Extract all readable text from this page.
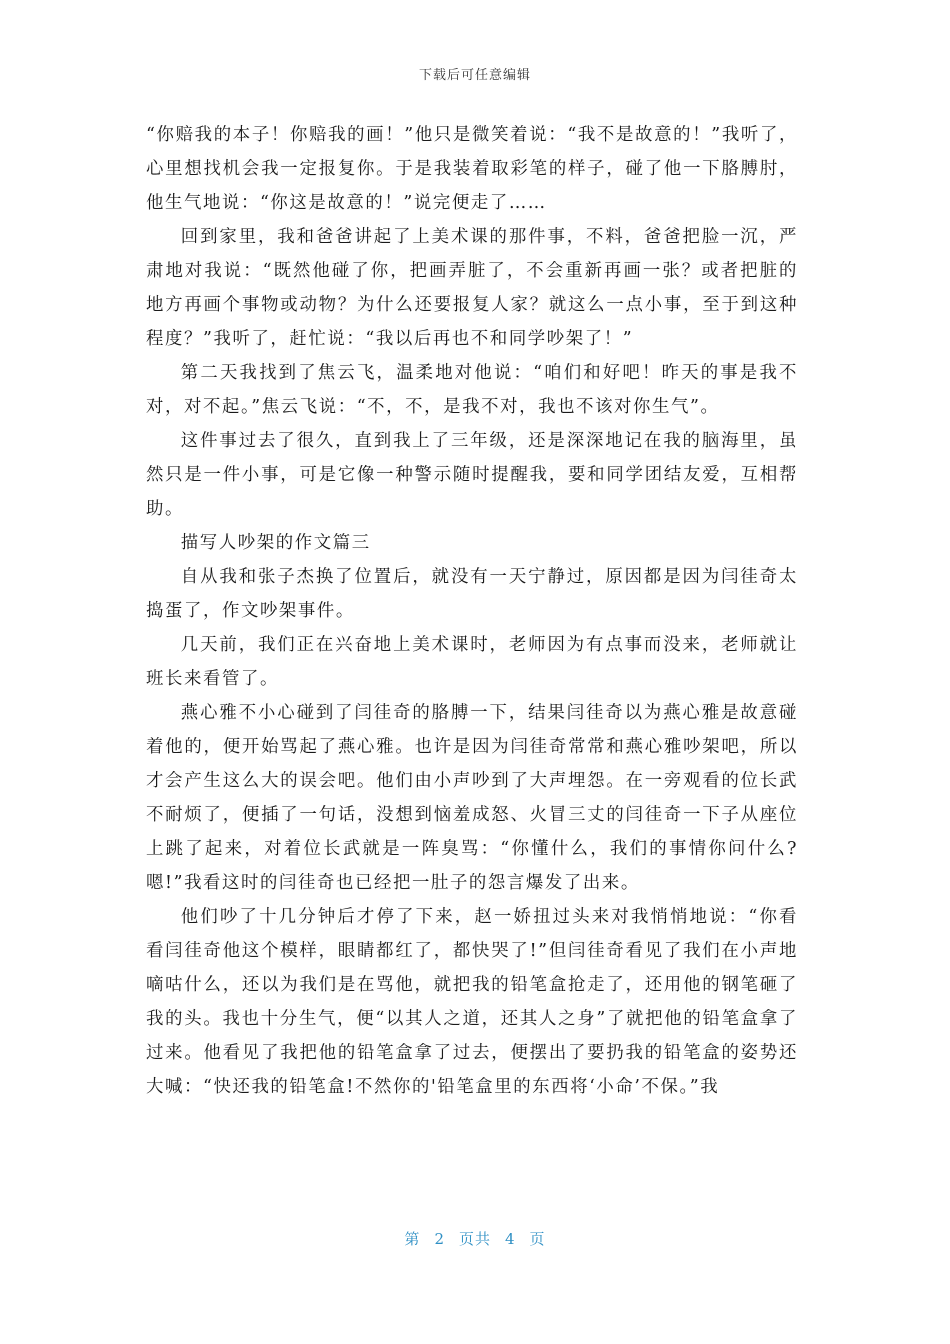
下载后可任意编辑

“你赔我的本子！你赔我的画！”他只是微笑着说：“我不是故意的！”我听了，心里想找机会我一定报复你。于是我装着取彩笔的样子，碰了他一下胳膊肘，他生气地说：“你这是故意的！”说完便走了……

回到家里，我和爸爸讲起了上美术课的那件事，不料，爸爸把脸一沉，严肃地对我说：“既然他碰了你，把画弄脏了，不会重新再画一张？或者把脏的地方再画个事物或动物？为什么还要报复人家？就这么一点小事，至于到这种程度？”我听了，赶忙说：“我以后再也不和同学吵架了！”

第二天我找到了焦云飞，温柔地对他说：“咱们和好吧！昨天的事是我不对，对不起。”焦云飞说：“不，不，是我不对，我也不该对你生气”。

这件事过去了很久，直到我上了三年级，还是深深地记在我的脑海里，虽然只是一件小事，可是它像一种警示随时提醒我，要和同学团结友爱，互相帮助。

描写人吵架的作文篇三

自从我和张子杰换了位置后，就没有一天宁静过，原因都是因为闫徍奇太捣蛋了，作文吵架事件。

几天前，我们正在兴奋地上美术课时，老师因为有点事而没来，老师就让班长来看管了。

燕心雅不小心碰到了闫徍奇的胳膊一下，结果闫徍奇以为燕心雅是故意碰着他的，便开始骂起了燕心雅。也许是因为闫徍奇常常和燕心雅吵架吧，所以才会产生这么大的误会吧。他们由小声吵到了大声埋怨。在一旁观看的位长武不耐烦了，便插了一句话，没想到恼羞成怒、火冒三丈的闫徍奇一下子从座位上跳了起来，对着位长武就是一阵臭骂：“你懂什么，我们的事情你问什么?嗯!”我看这时的闫徍奇也已经把一肚子的怨言爆发了出来。

他们吵了十几分钟后才停了下来，赵一娇扭过头来对我悄悄地说：“你看看闫徍奇他这个模样，眼睛都红了，都快哭了!”但闫徍奇看见了我们在小声地嘀咕什么，还以为我们是在骂他，就把我的铅笔盒抢走了，还用他的钢笔砸了我的头。我也十分生气，便“以其人之道，还其人之身”了就把他的铅笔盒拿了过来。他看见了我把他的铅笔盒拿了过去，便摆出了要扔我的铅笔盒的姿势还大喊：“快还我的铅笔盒!不然你的'铅笔盒里的东西将‘小命’不保。”我

第 2 页共 4 页
